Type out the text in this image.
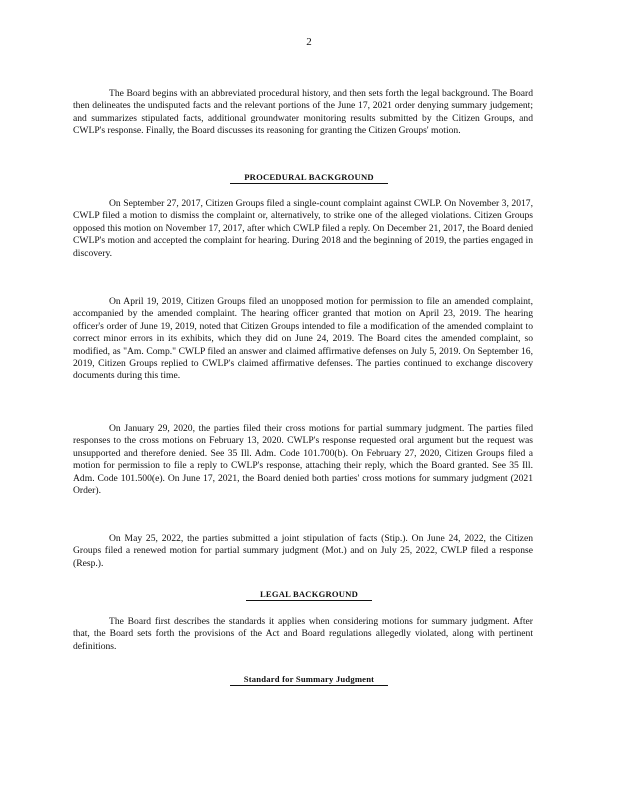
2

The Board begins with an abbreviated procedural history, and then sets forth the legal background. The Board then delineates the undisputed facts and the relevant portions of the June 17, 2021 order denying summary judgement; and summarizes stipulated facts, additional groundwater monitoring results submitted by the Citizen Groups, and CWLP's response. Finally, the Board discusses its reasoning for granting the Citizen Groups' motion.

PROCEDURAL BACKGROUND

On September 27, 2017, Citizen Groups filed a single-count complaint against CWLP. On November 3, 2017, CWLP filed a motion to dismiss the complaint or, alternatively, to strike one of the alleged violations. Citizen Groups opposed this motion on November 17, 2017, after which CWLP filed a reply. On December 21, 2017, the Board denied CWLP's motion and accepted the complaint for hearing. During 2018 and the beginning of 2019, the parties engaged in discovery.

On April 19, 2019, Citizen Groups filed an unopposed motion for permission to file an amended complaint, accompanied by the amended complaint. The hearing officer granted that motion on April 23, 2019. The hearing officer's order of June 19, 2019, noted that Citizen Groups intended to file a modification of the amended complaint to correct minor errors in its exhibits, which they did on June 24, 2019. The Board cites the amended complaint, so modified, as "Am. Comp." CWLP filed an answer and claimed affirmative defenses on July 5, 2019. On September 16, 2019, Citizen Groups replied to CWLP's claimed affirmative defenses. The parties continued to exchange discovery documents during this time.

On January 29, 2020, the parties filed their cross motions for partial summary judgment. The parties filed responses to the cross motions on February 13, 2020. CWLP's response requested oral argument but the request was unsupported and therefore denied. See 35 Ill. Adm. Code 101.700(b). On February 27, 2020, Citizen Groups filed a motion for permission to file a reply to CWLP's response, attaching their reply, which the Board granted. See 35 Ill. Adm. Code 101.500(e). On June 17, 2021, the Board denied both parties' cross motions for summary judgment (2021 Order).

On May 25, 2022, the parties submitted a joint stipulation of facts (Stip.). On June 24, 2022, the Citizen Groups filed a renewed motion for partial summary judgment (Mot.) and on July 25, 2022, CWLP filed a response (Resp.).

LEGAL BACKGROUND

The Board first describes the standards it applies when considering motions for summary judgment. After that, the Board sets forth the provisions of the Act and Board regulations allegedly violated, along with pertinent definitions.

Standard for Summary Judgment
